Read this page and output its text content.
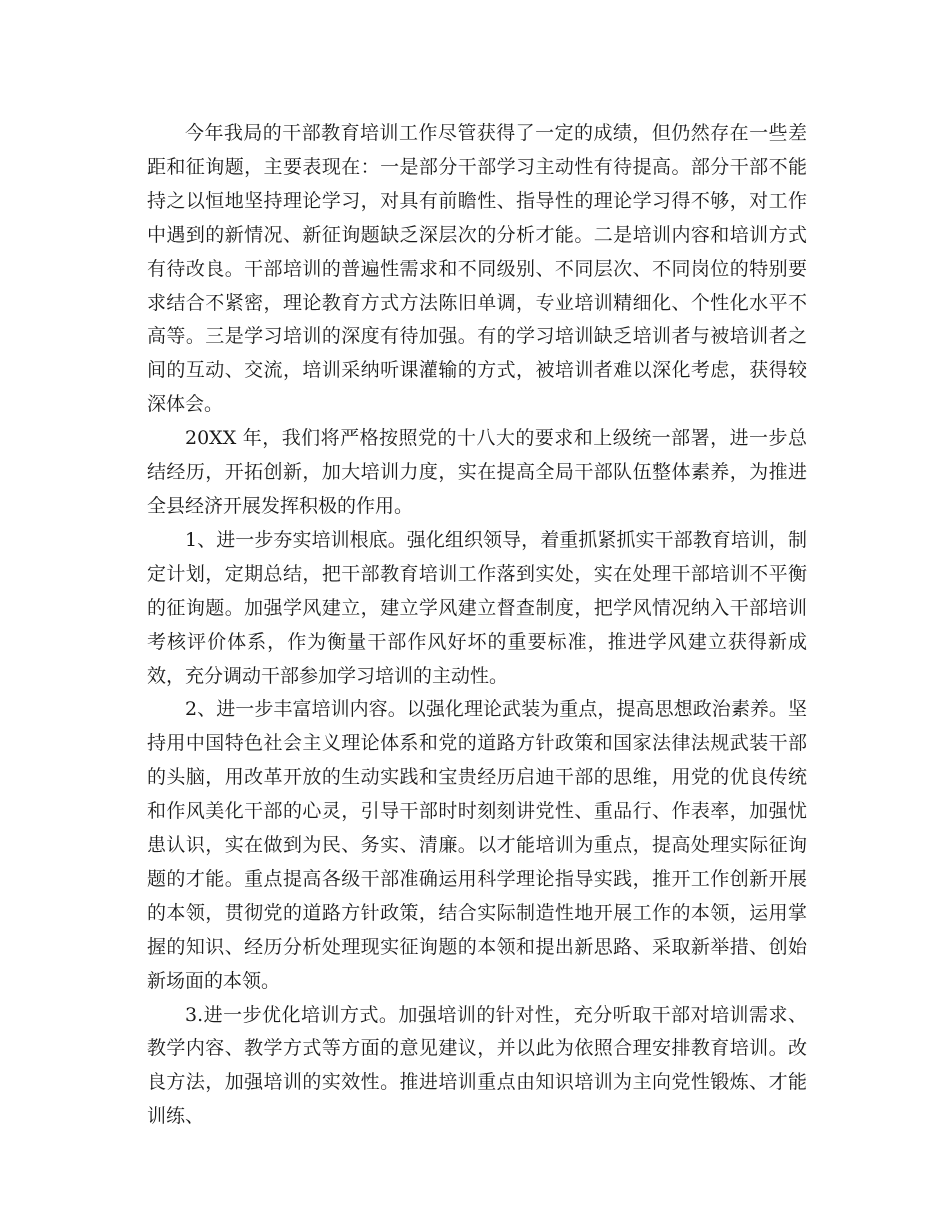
今年我局的干部教育培训工作尽管获得了一定的成绩，但仍然存在一些差距和征询题，主要表现在：一是部分干部学习主动性有待提高。部分干部不能持之以恒地坚持理论学习，对具有前瞻性、指导性的理论学习得不够，对工作中遇到的新情况、新征询题缺乏深层次的分析才能。二是培训内容和培训方式有待改良。干部培训的普遍性需求和不同级别、不同层次、不同岗位的特别要求结合不紧密，理论教育方式方法陈旧单调，专业培训精细化、个性化水平不高等。三是学习培训的深度有待加强。有的学习培训缺乏培训者与被培训者之间的互动、交流，培训采纳听课灌输的方式，被培训者难以深化考虑，获得较深体会。

20XX 年，我们将严格按照党的十八大的要求和上级统一部署，进一步总结经历，开拓创新，加大培训力度，实在提高全局干部队伍整体素养，为推进全县经济开展发挥积极的作用。

1、进一步夯实培训根底。强化组织领导，着重抓紧抓实干部教育培训，制定计划，定期总结，把干部教育培训工作落到实处，实在处理干部培训不平衡的征询题。加强学风建立，建立学风建立督查制度，把学风情况纳入干部培训考核评价体系，作为衡量干部作风好坏的重要标准，推进学风建立获得新成效，充分调动干部参加学习培训的主动性。

2、进一步丰富培训内容。以强化理论武装为重点，提高思想政治素养。坚持用中国特色社会主义理论体系和党的道路方针政策和国家法律法规武装干部的头脑，用改革开放的生动实践和宝贵经历启迪干部的思维，用党的优良传统和作风美化干部的心灵，引导干部时时刻刻讲党性、重品行、作表率，加强忧患认识，实在做到为民、务实、清廉。以才能培训为重点，提高处理实际征询题的才能。重点提高各级干部准确运用科学理论指导实践，推开工作创新开展的本领，贯彻党的道路方针政策，结合实际制造性地开展工作的本领，运用掌握的知识、经历分析处理现实征询题的本领和提出新思路、采取新举措、创始新场面的本领。

3.进一步优化培训方式。加强培训的针对性，充分听取干部对培训需求、教学内容、教学方式等方面的意见建议，并以此为依照合理安排教育培训。改良方法，加强培训的实效性。推进培训重点由知识培训为主向党性锻炼、才能训练、
